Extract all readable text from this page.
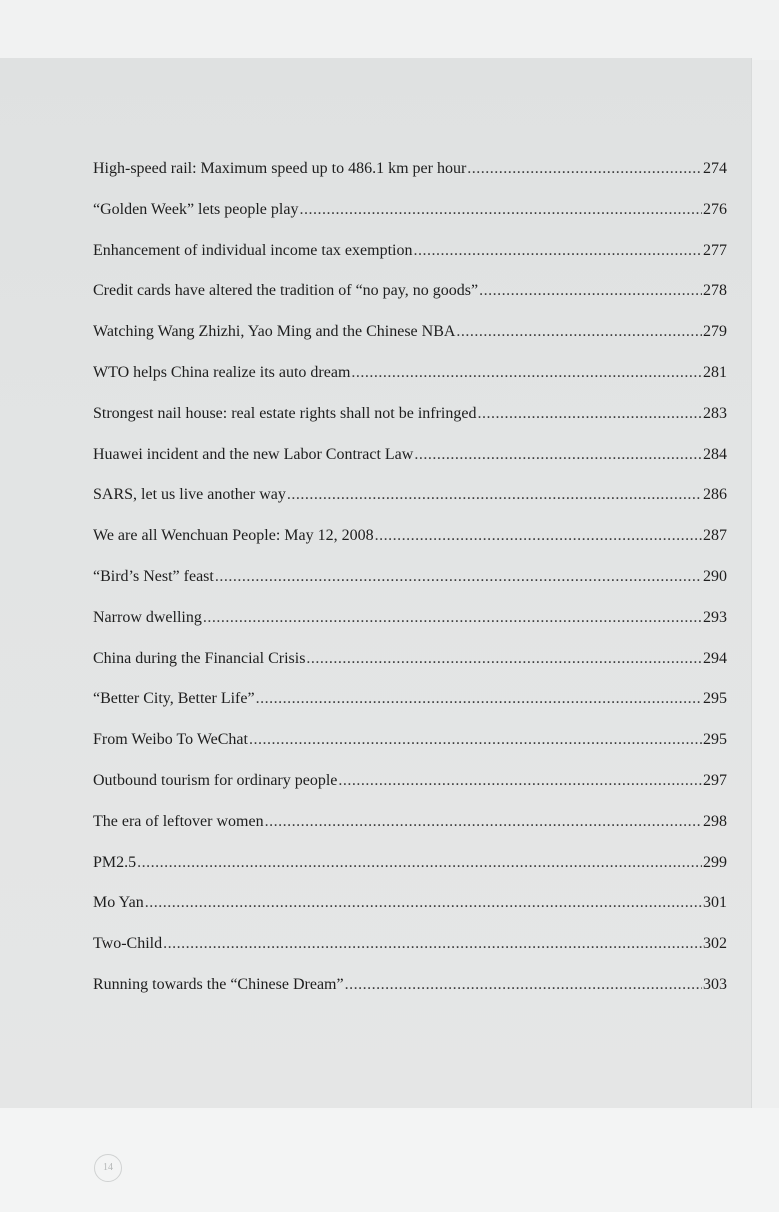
High-speed rail: Maximum speed up to 486.1 km per hour .....	274
“Golden Week” lets people play .....	276
Enhancement of individual income tax exemption .....	277
Credit cards have altered the tradition of “no pay, no goods” .....	278
Watching Wang Zhizhi, Yao Ming and the Chinese NBA .....	279
WTO helps China realize its auto dream .....	281
Strongest nail house: real estate rights shall not be infringed .....	283
Huawei incident and the new Labor Contract Law .....	284
SARS, let us live another way .....	286
We are all Wenchuan People: May 12, 2008 .....	287
“Bird’s Nest” feast .....	290
Narrow dwelling .....	293
China during the Financial Crisis .....	294
“Better City, Better Life” .....	295
From Weibo To WeChat .....	295
Outbound tourism for ordinary people .....	297
The era of leftover women .....	298
PM2.5 .....	299
Mo Yan .....	301
Two-Child .....	302
Running towards the “Chinese Dream” .....	303
14
